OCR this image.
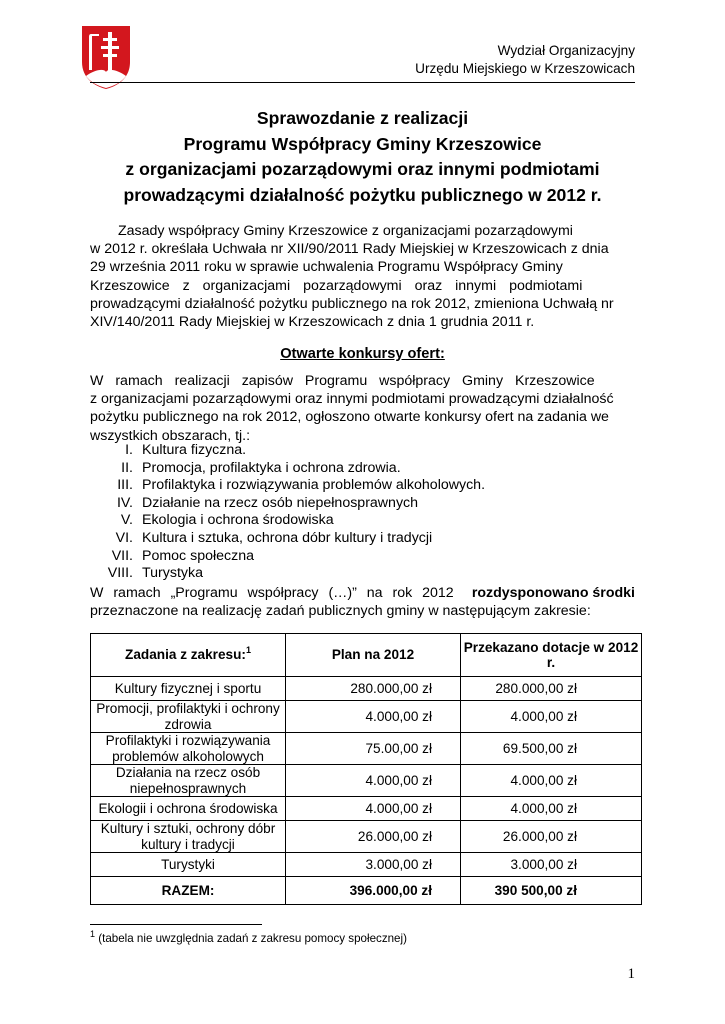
Wydział Organizacyjny
Urzędu Miejskiego w Krzeszowicach
Sprawozdanie z realizacji
Programu Współpracy Gminy Krzeszowice
z organizacjami pozarządowymi oraz innymi podmiotami
prowadzącymi działalność pożytku publicznego w 2012 r.
Zasady współpracy Gminy Krzeszowice z organizacjami pozarządowymi
w 2012 r. określała Uchwała nr XII/90/2011 Rady Miejskiej w Krzeszowicach z dnia
29 września 2011 roku w sprawie uchwalenia Programu Współpracy Gminy
Krzeszowice z organizacjami pozarządowymi oraz innymi podmiotami
prowadzącymi działalność pożytku publicznego na rok 2012, zmieniona Uchwałą nr
XIV/140/2011 Rady Miejskiej w Krzeszowicach z dnia 1 grudnia 2011 r.
Otwarte konkursy ofert:
W ramach realizacji zapisów Programu współpracy Gminy Krzeszowice
z organizacjami pozarządowymi oraz innymi podmiotami prowadzącymi działalność
pożytku publicznego na rok 2012, ogłoszono otwarte konkursy ofert na zadania we
wszystkich obszarach, tj.:
I. Kultura fizyczna.
II. Promocja, profilaktyka i ochrona zdrowia.
III. Profilaktyka i rozwiązywania problemów alkoholowych.
IV. Działanie na rzecz osób niepełnosprawnych
V. Ekologia i ochrona środowiska
VI. Kultura i sztuka, ochrona dóbr kultury i tradycji
VII. Pomoc społeczna
VIII. Turystyka
W ramach „Programu współpracy (…)” na rok 2012 rozdysponowano środki
przeznaczone na realizację zadań publicznych gminy w następującym zakresie:
Zadania z zakresu:$^1$	Plan na 2012	Przekazano dotacje w 2012 r.
Kultury fizycznej i sportu	280.000,00 zł	280.000,00 zł

Promocji, profilaktyki i ochrony
zdrowia	4.000,00 zł	4.000,00 zł

Profilaktyki i rozwiązywania
problemów alkoholowych	75.00,00 zł	69.500,00 zł

Działania na rzecz osób
niepełnosprawnych	4.000,00 zł	4.000,00 zł
Ekologii i ochrona środowiska	4.000,00 zł	4.000,00 zł

Kultury i sztuki, ochrony dóbr
kultury i tradycji	26.000,00 zł	26.000,00 zł
Turystyki	3.000,00 zł	3.000,00 zł
RAZEM:	396.000,00 zł	390 500,00 zł
$^1$ (tabela nie uwzględnia zadań z zakresu pomocy społecznej)
1
